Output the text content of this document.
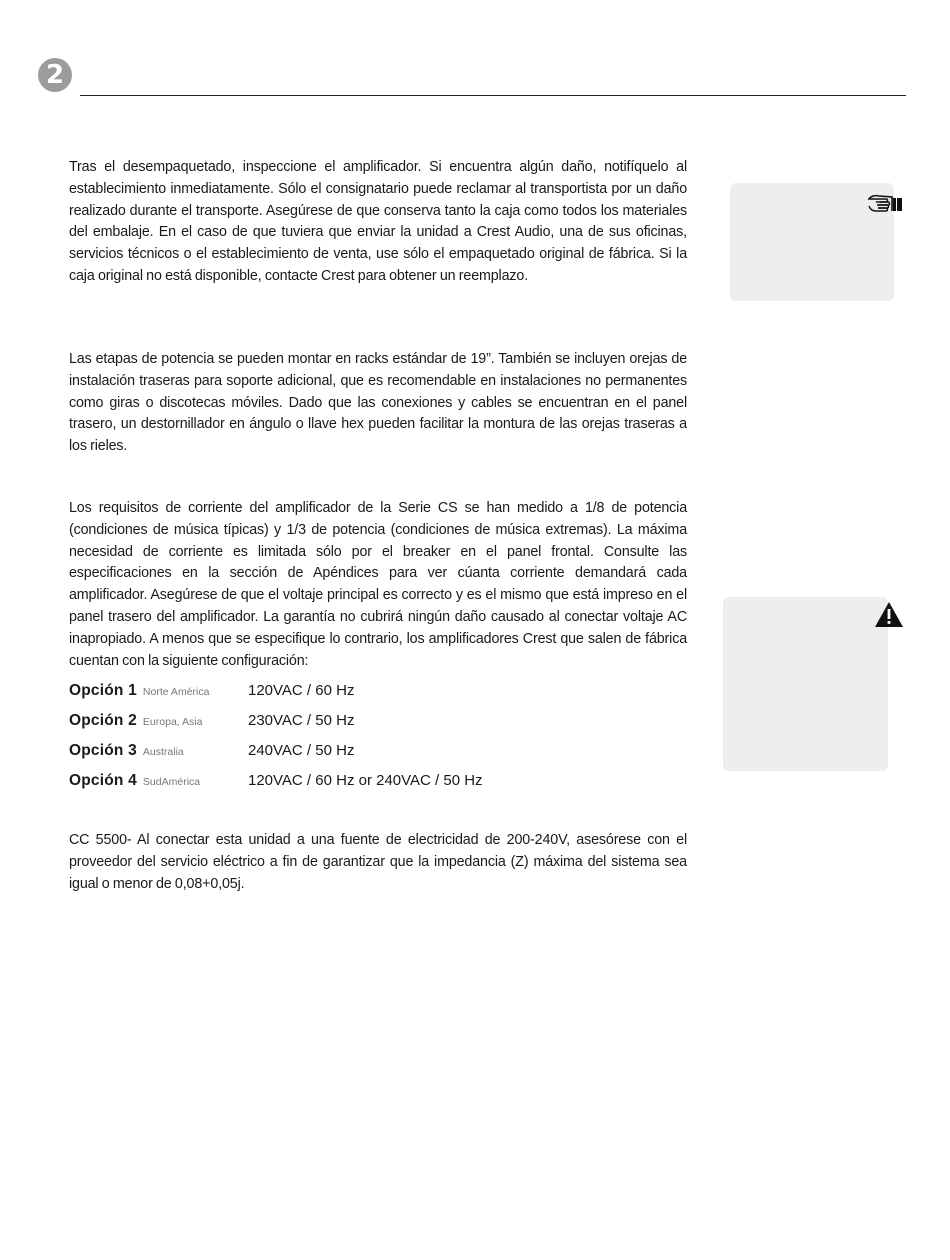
2

Tras el desempaquetado, inspeccione el amplificador. Si encuentra algún daño, notifíquelo al establecimiento inmediatamente. Sólo el consignatario puede reclamar al transportista por un daño realizado durante el transporte. Asegúrese de que conserva tanto la caja como todos los materiales del embalaje. En el caso de que tuviera que enviar la unidad a Crest Audio, una de sus oficinas, servicios técnicos o el establecimiento de venta, use sólo el empaquetado original de fábrica. Si la caja original no está disponible, contacte Crest para obtener un reemplazo.

Las etapas de potencia se pueden montar en racks estándar de 19”. También se incluyen orejas de instalación traseras para soporte adicional, que es recomendable en instalaciones no permanentes como giras o discotecas móviles. Dado que las conexiones y cables se encuentran en el panel trasero, un destornillador en ángulo o llave hex pueden facilitar la montura de las orejas traseras a los rieles.

Los requisitos de corriente del amplificador de la Serie CS se han medido a 1/8 de potencia (condiciones de música típicas) y 1/3 de potencia (condiciones de música extremas). La máxima necesidad de corriente es limitada sólo por el breaker en el panel frontal. Consulte las especificaciones en la sección de Apéndices para ver cúanta corriente demandará cada amplificador. Asegúrese de que el voltaje principal es correcto y es el mismo que está impreso en el panel trasero del amplificador. La garantía no cubrirá ningún daño causado al conectar voltaje AC inapropiado. A menos que se especifique lo contrario, los amplificadores Crest que salen de fábrica cuentan con la siguiente configuración:

Opción 1 Norte América	120VAC / 60 Hz
Opción 2 Europa, Asia	230VAC / 50 Hz
Opción 3 Australia	240VAC / 50 Hz
Opción 4 SudAmérica	120VAC / 60 Hz or 240VAC / 50 Hz

CC 5500- Al conectar esta unidad a una fuente de electricidad de 200-240V, asesórese con el proveedor del servicio eléctrico a fin de garantizar que la impedancia (Z) máxima del sistema sea igual o menor de 0,08+0,05j.
